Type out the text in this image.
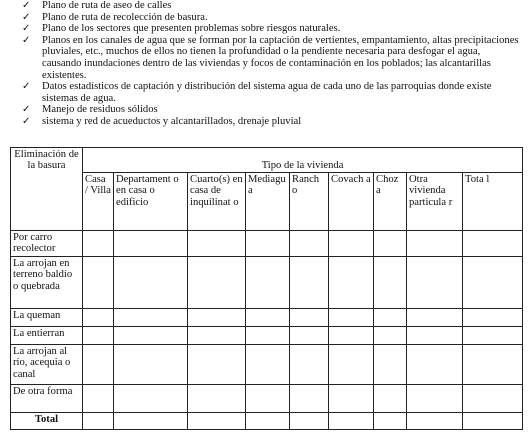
✓ Plano de ruta de aseo de calles
✓ Plano de ruta de recolección de basura.
✓ Plano de los sectores que presenten problemas sobre riesgos naturales.
✓ Planos en los canales de agua que se forman por la captación de vertientes, empantamiento, altas precipitaciones pluviales, etc., muchos de ellos no tienen la profundidad o la pendiente necesaria para desfogar el agua, causando inundaciones dentro de las viviendas y focos de contaminación en los poblados; las alcantarillas existentes.
✓ Datos estadísticos de captación y distribución del sistema agua de cada uno de las parroquias donde existe sistemas de agua.
✓ Manejo de residuos sólidos
✓ sistema y red de acueductos y alcantarillados, drenaje pluvial
Eliminación de la basura	Tipo de la vivienda								
	Casa / Villa	Departament o en casa o edificio	Cuarto(s) en casa de inquilinat o	Mediagu a	Ranch o	Covach a	Choz a	Otra vivienda particula r	Tota l
Por carro recolector									
La arrojan en terreno baldío o quebrada									
La queman									
La entierran									
La arrojan al río, acequia o canal									
De otra forma									
Total									
